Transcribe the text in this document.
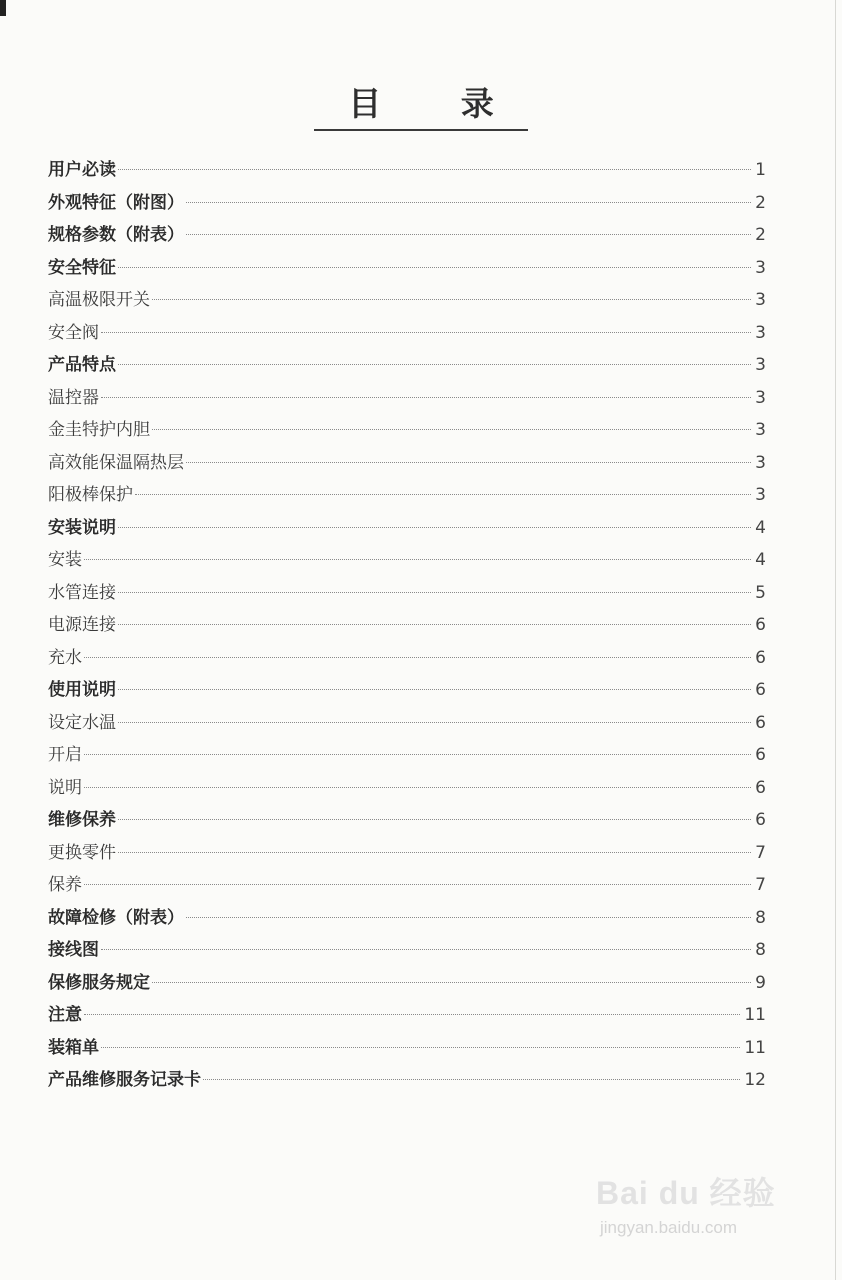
目 录
用户必读	1
外观特征（附图）	2
规格参数（附表）	2
安全特征	3
高温极限开关	3
安全阀	3
产品特点	3
温控器	3
金圭特护内胆	3
高效能保温隔热层	3
阳极棒保护	3
安装说明	4
安装	4
水管连接	5
电源连接	6
充水	6
使用说明	6
设定水温	6
开启	6
说明	6
维修保养	6
更换零件	7
保养	7
故障检修（附表）	8
接线图	8
保修服务规定	9
注意	11
装箱单	11
产品维修服务记录卡	12
Bai du 经验
jingyan.baidu.com
